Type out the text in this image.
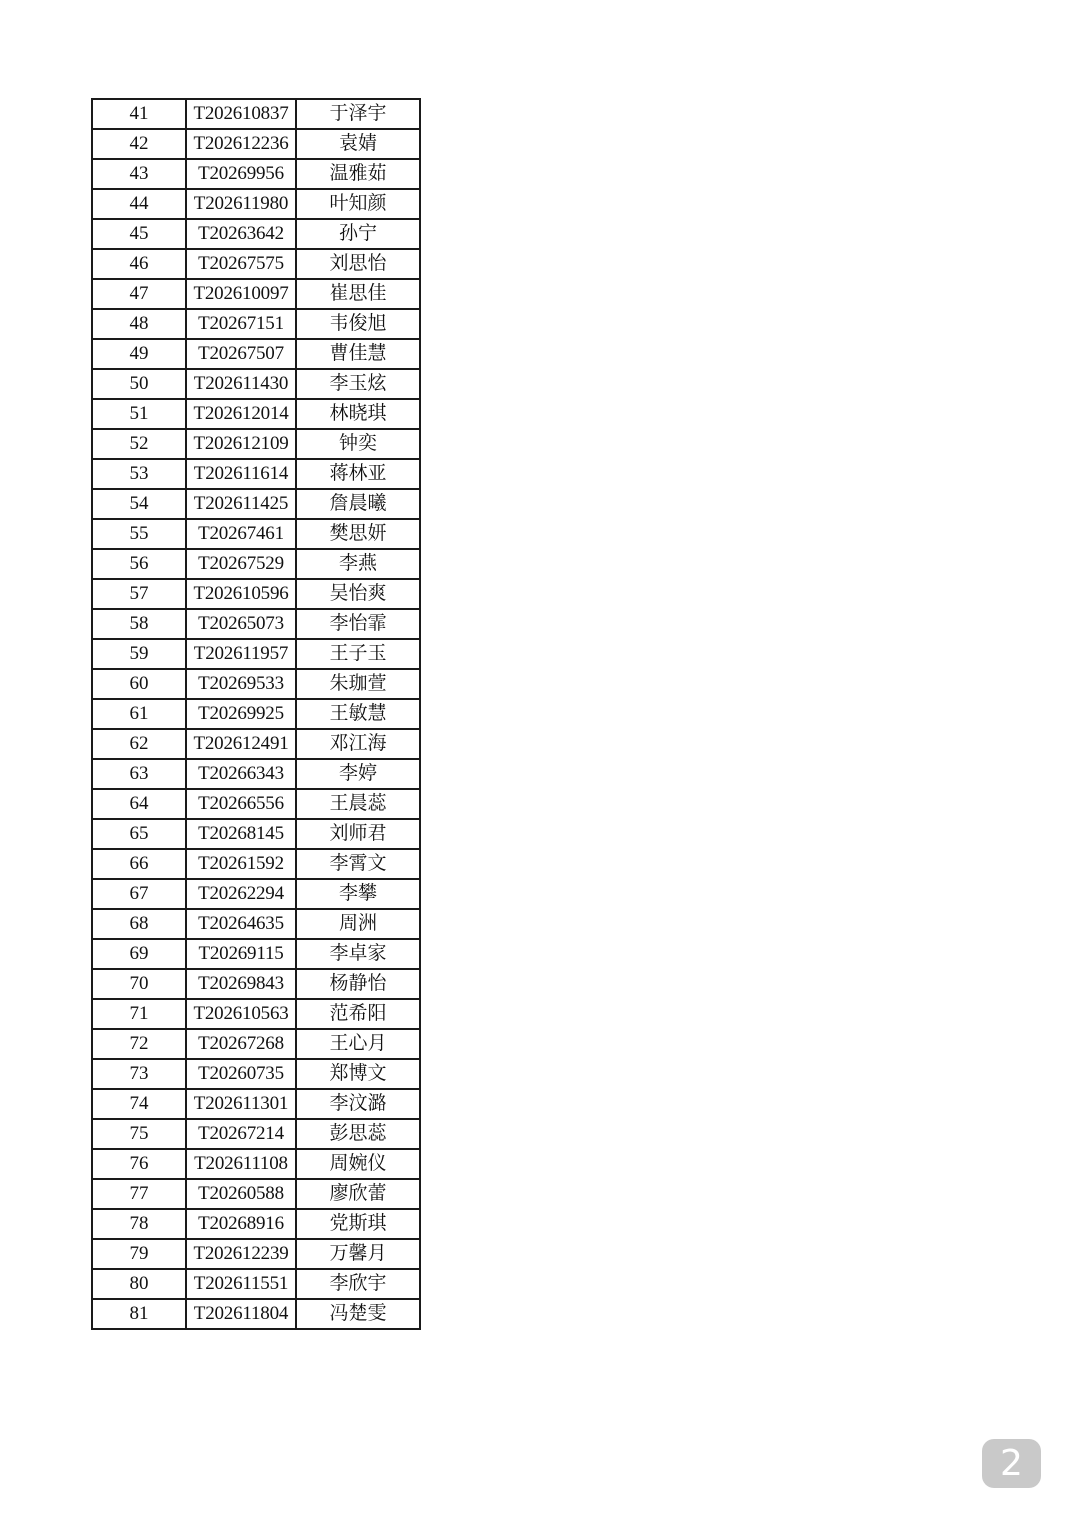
41	T202610837	于泽宇
42	T202612236	袁婧
43	T20269956	温雅茹
44	T202611980	叶知颜
45	T20263642	孙宁
46	T20267575	刘思怡
47	T202610097	崔思佳
48	T20267151	韦俊旭
49	T20267507	曹佳慧
50	T202611430	李玉炫
51	T202612014	林晓琪
52	T202612109	钟奕
53	T202611614	蒋林亚
54	T202611425	詹晨曦
55	T20267461	樊思妍
56	T20267529	李燕
57	T202610596	吴怡爽
58	T20265073	李怡霏
59	T202611957	王子玉
60	T20269533	朱珈萱
61	T20269925	王敏慧
62	T202612491	邓江海
63	T20266343	李婷
64	T20266556	王晨蕊
65	T20268145	刘师君
66	T20261592	李霄文
67	T20262294	李攀
68	T20264635	周洲
69	T20269115	李卓家
70	T20269843	杨静怡
71	T202610563	范希阳
72	T20267268	王心月
73	T20260735	郑博文
74	T202611301	李汶潞
75	T20267214	彭思蕊
76	T202611108	周婉仪
77	T20260588	廖欣蕾
78	T20268916	党斯琪
79	T202612239	万馨月
80	T202611551	李欣宇
81	T202611804	冯楚雯
2
